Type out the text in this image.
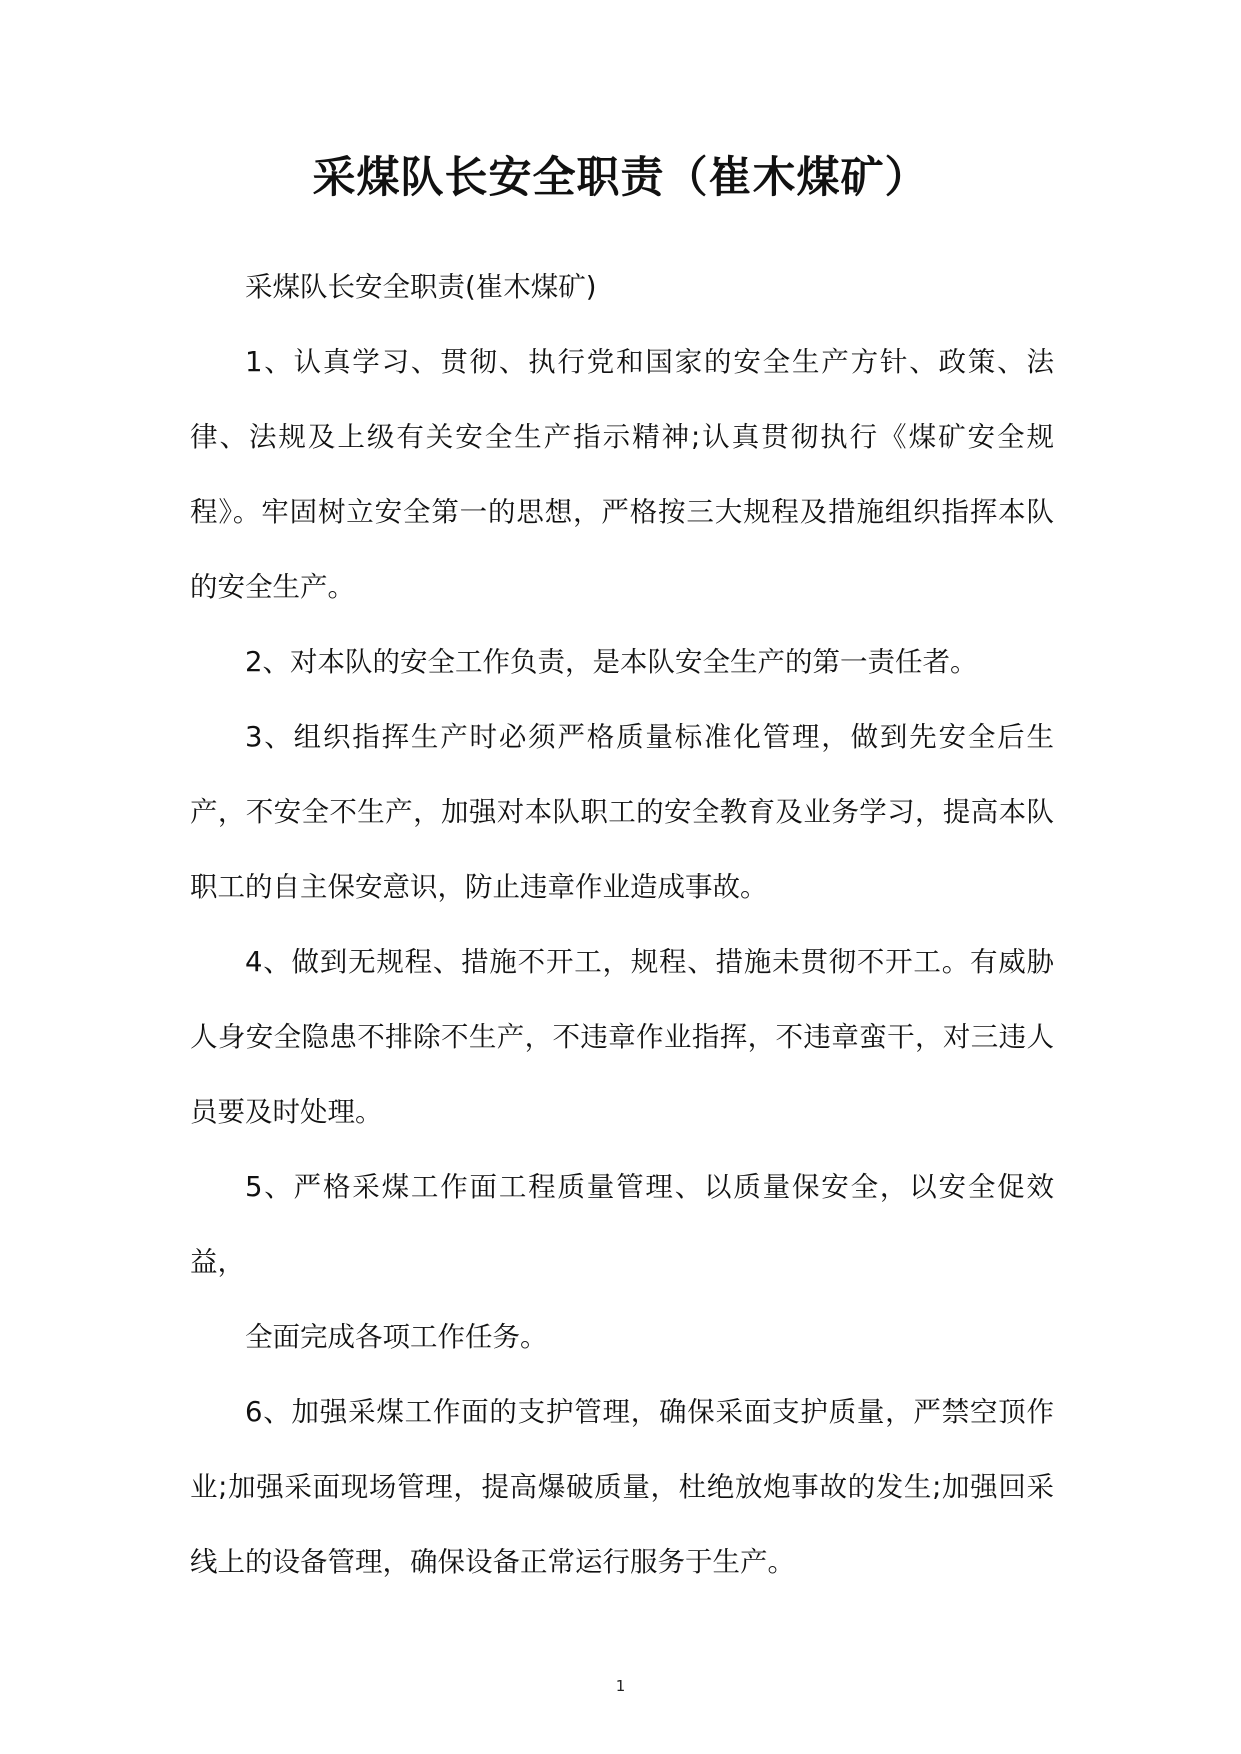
采煤队长安全职责（崔木煤矿）

采煤队长安全职责(崔木煤矿)

1、认真学习、贯彻、执行党和国家的安全生产方针、政策、法律、法规及上级有关安全生产指示精神;认真贯彻执行《煤矿安全规程》。牢固树立安全第一的思想，严格按三大规程及措施组织指挥本队的安全生产。

2、对本队的安全工作负责，是本队安全生产的第一责任者。

3、组织指挥生产时必须严格质量标准化管理，做到先安全后生产，不安全不生产，加强对本队职工的安全教育及业务学习，提高本队职工的自主保安意识，防止违章作业造成事故。

4、做到无规程、措施不开工，规程、措施未贯彻不开工。有威胁人身安全隐患不排除不生产，不违章作业指挥，不违章蛮干，对三违人员要及时处理。

5、严格采煤工作面工程质量管理、以质量保安全，以安全促效益，

全面完成各项工作任务。

6、加强采煤工作面的支护管理，确保采面支护质量，严禁空顶作业;加强采面现场管理，提高爆破质量，杜绝放炮事故的发生;加强回采线上的设备管理，确保设备正常运行服务于生产。

1
